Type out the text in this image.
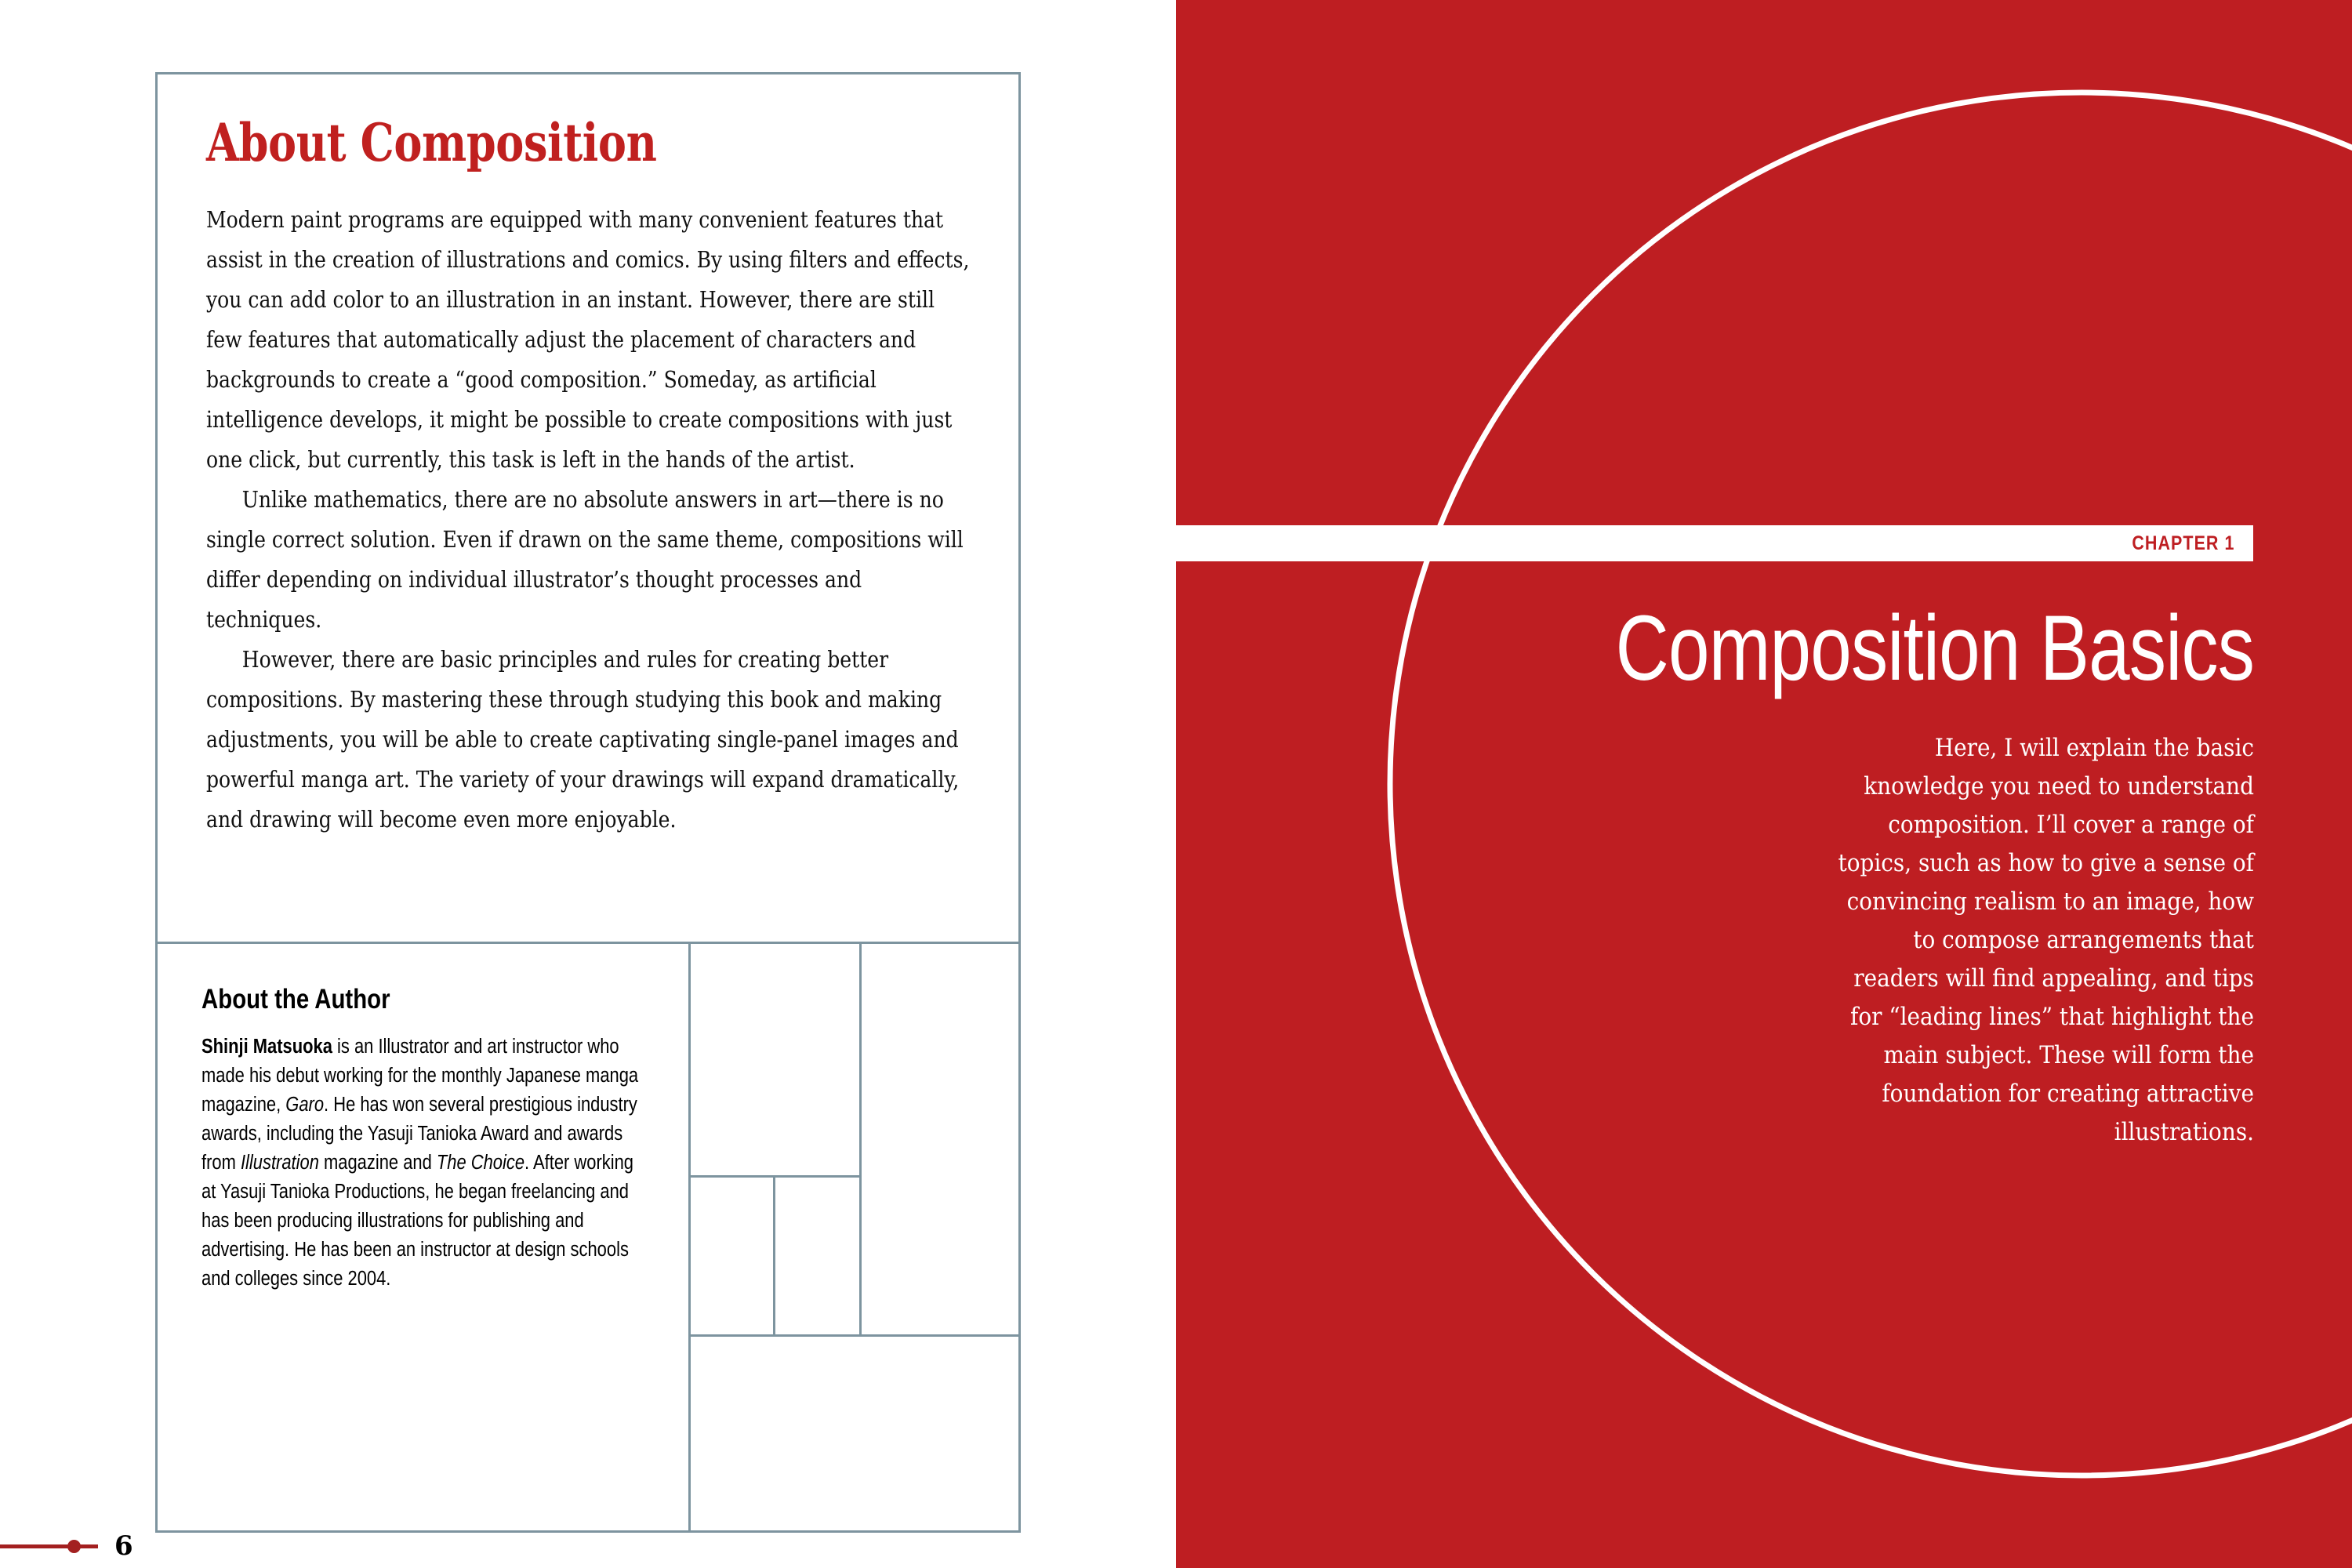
About Composition

Modern paint programs are equipped with many convenient features that assist in the creation of illustrations and comics. By using filters and effects, you can add color to an illustration in an instant. However, there are still few features that automatically adjust the placement of characters and backgrounds to create a “good composition.” Someday, as artificial intelligence develops, it might be possible to create compositions with just one click, but currently, this task is left in the hands of the artist.

Unlike mathematics, there are no absolute answers in art—there is no single correct solution. Even if drawn on the same theme, compositions will differ depending on individual illustrator’s thought processes and techniques.

However, there are basic principles and rules for creating better compositions. By mastering these through studying this book and making adjustments, you will be able to create captivating single-panel images and powerful manga art. The variety of your drawings will expand dramatically, and drawing will become even more enjoyable.

About the Author

Shinji Matsuoka is an Illustrator and art instructor who made his debut working for the monthly Japanese manga magazine, Garo. He has won several prestigious industry awards, including the Yasuji Tanioka Award and awards from Illustration magazine and The Choice. After working at Yasuji Tanioka Productions, he began freelancing and has been producing illustrations for publishing and advertising. He has been an instructor at design schools and colleges since 2004.

6
CHAPTER 1
Composition Basics

Here, I will explain the basic knowledge you need to understand composition. I’ll cover a range of topics, such as how to give a sense of convincing realism to an image, how to compose arrangements that readers will find appealing, and tips for “leading lines” that highlight the main subject. These will form the foundation for creating attractive illustrations.
